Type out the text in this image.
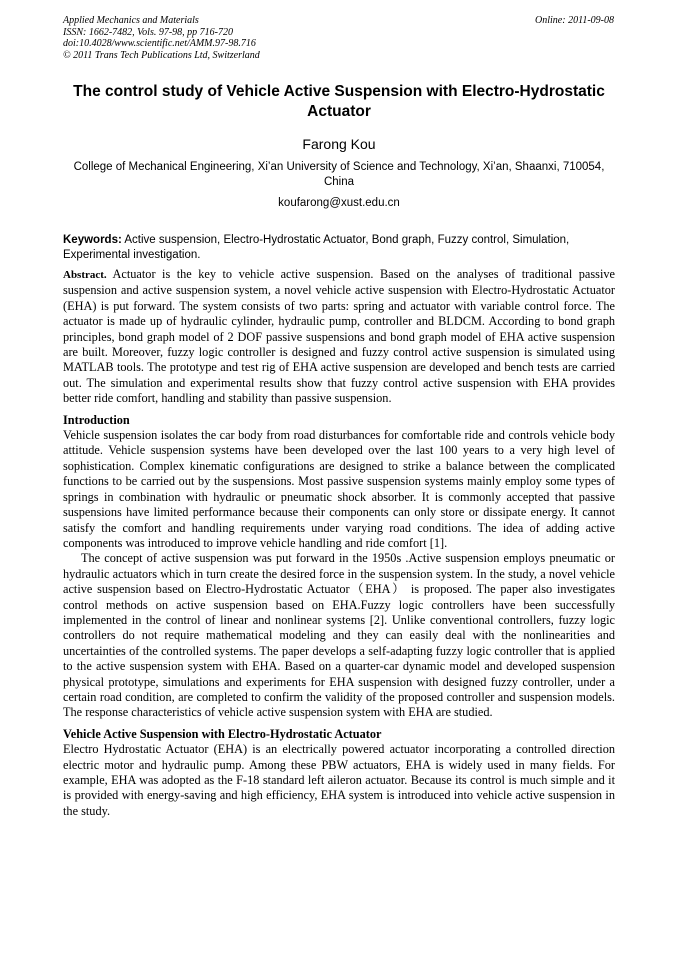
Applied Mechanics and Materials
ISSN: 1662-7482, Vols. 97-98, pp 716-720
doi:10.4028/www.scientific.net/AMM.97-98.716
© 2011 Trans Tech Publications Ltd, Switzerland
Online: 2011-09-08
The control study of Vehicle Active Suspension with Electro-Hydrostatic Actuator
Farong Kou
College of Mechanical Engineering, Xi’an University of Science and Technology, Xi’an, Shaanxi, 710054, China
koufarong@xust.edu.cn
Keywords: Active suspension, Electro-Hydrostatic Actuator, Bond graph, Fuzzy control, Simulation, Experimental investigation.

Abstract. Actuator is the key to vehicle active suspension. Based on the analyses of traditional passive suspension and active suspension system, a novel vehicle active suspension with Electro-Hydrostatic Actuator (EHA) is put forward. The system consists of two parts: spring and actuator with variable control force. The actuator is made up of hydraulic cylinder, hydraulic pump, controller and BLDCM. According to bond graph principles, bond graph model of 2 DOF passive suspensions and bond graph model of EHA active suspension are built. Moreover, fuzzy logic controller is designed and fuzzy control active suspension is simulated using MATLAB tools. The prototype and test rig of EHA active suspension are developed and bench tests are carried out. The simulation and experimental results show that fuzzy control active suspension with EHA provides better ride comfort, handling and stability than passive suspension.

Introduction

Vehicle suspension isolates the car body from road disturbances for comfortable ride and controls vehicle body attitude. Vehicle suspension systems have been developed over the last 100 years to a very high level of sophistication. Complex kinematic configurations are designed to strike a balance between the complicated functions to be carried out by the suspensions. Most passive suspension systems mainly employ some types of springs in combination with hydraulic or pneumatic shock absorber. It is commonly accepted that passive suspensions have limited performance because their components can only store or dissipate energy. It cannot satisfy the comfort and handling requirements under varying road conditions. The idea of adding active components was introduced to improve vehicle handling and ride comfort [1].

The concept of active suspension was put forward in the 1950s .Active suspension employs pneumatic or hydraulic actuators which in turn create the desired force in the suspension system. In the study, a novel vehicle active suspension based on Electro-Hydrostatic Actuator（EHA） is proposed. The paper also investigates control methods on active suspension based on EHA.Fuzzy logic controllers have been successfully implemented in the control of linear and nonlinear systems [2]. Unlike conventional controllers, fuzzy logic controllers do not require mathematical modeling and they can easily deal with the nonlinearities and uncertainties of the controlled systems. The paper develops a self-adapting fuzzy logic controller that is applied to the active suspension system with EHA. Based on a quarter-car dynamic model and developed suspension physical prototype, simulations and experiments for EHA suspension with designed fuzzy controller, under a certain road condition, are completed to confirm the validity of the proposed controller and suspension models. The response characteristics of vehicle active suspension system with EHA are studied.

Vehicle Active Suspension with Electro-Hydrostatic Actuator

Electro Hydrostatic Actuator (EHA) is an electrically powered actuator incorporating a controlled direction electric motor and hydraulic pump. Among these PBW actuators, EHA is widely used in many fields. For example, EHA was adopted as the F-18 standard left aileron actuator. Because its control is much simple and it is provided with energy-saving and high efficiency, EHA system is introduced into vehicle active suspension in the study.
